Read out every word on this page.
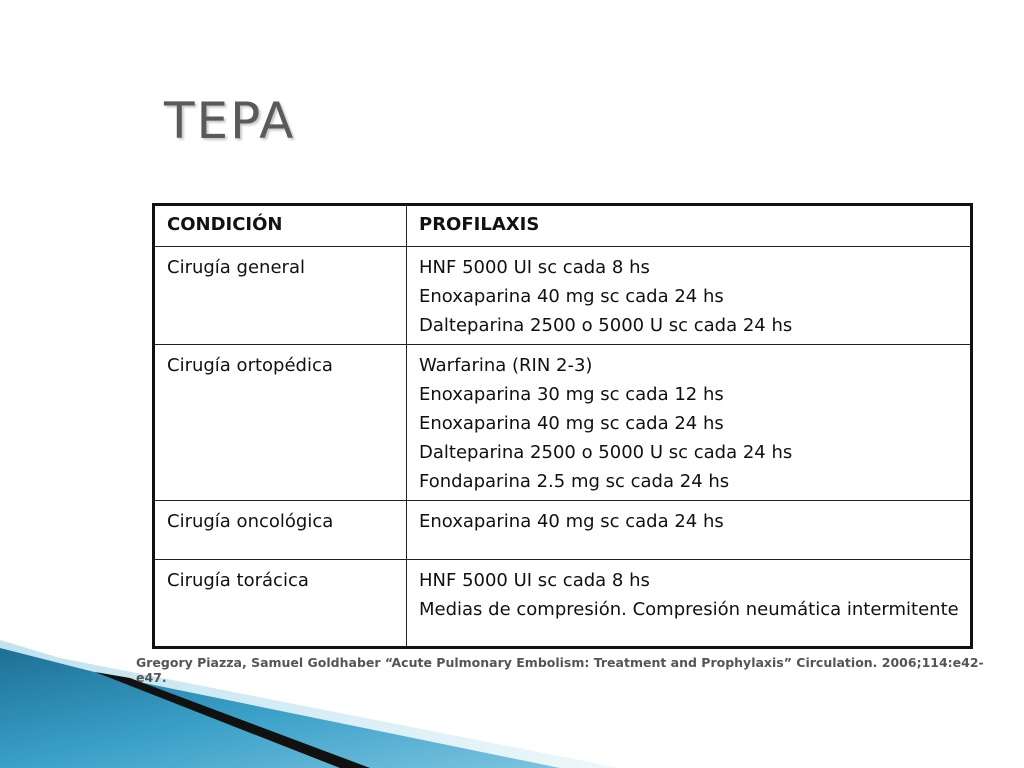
TEPA
CONDICIÓN	PROFILAXIS
Cirugía general	HNF 5000 UI sc cada 8 hs
Enoxaparina 40 mg sc cada 24 hs
Dalteparina 2500 o 5000 U sc cada 24 hs

Cirugía ortopédica	Warfarina (RIN 2-3)
Enoxaparina 30 mg sc cada 12 hs
Enoxaparina 40 mg sc cada 24 hs
Dalteparina 2500 o 5000 U sc cada 24 hs
Fondaparina 2.5 mg sc cada 24 hs

Cirugía oncológica	Enoxaparina 40 mg sc cada 24 hs

Cirugía torácica	HNF 5000 UI sc cada 8 hs
Medias de compresión. Compresión neumática intermitente
Gregory Piazza, Samuel Goldhaber “Acute Pulmonary Embolism: Treatment and Prophylaxis” Circulation. 2006;114:e42-e47.
